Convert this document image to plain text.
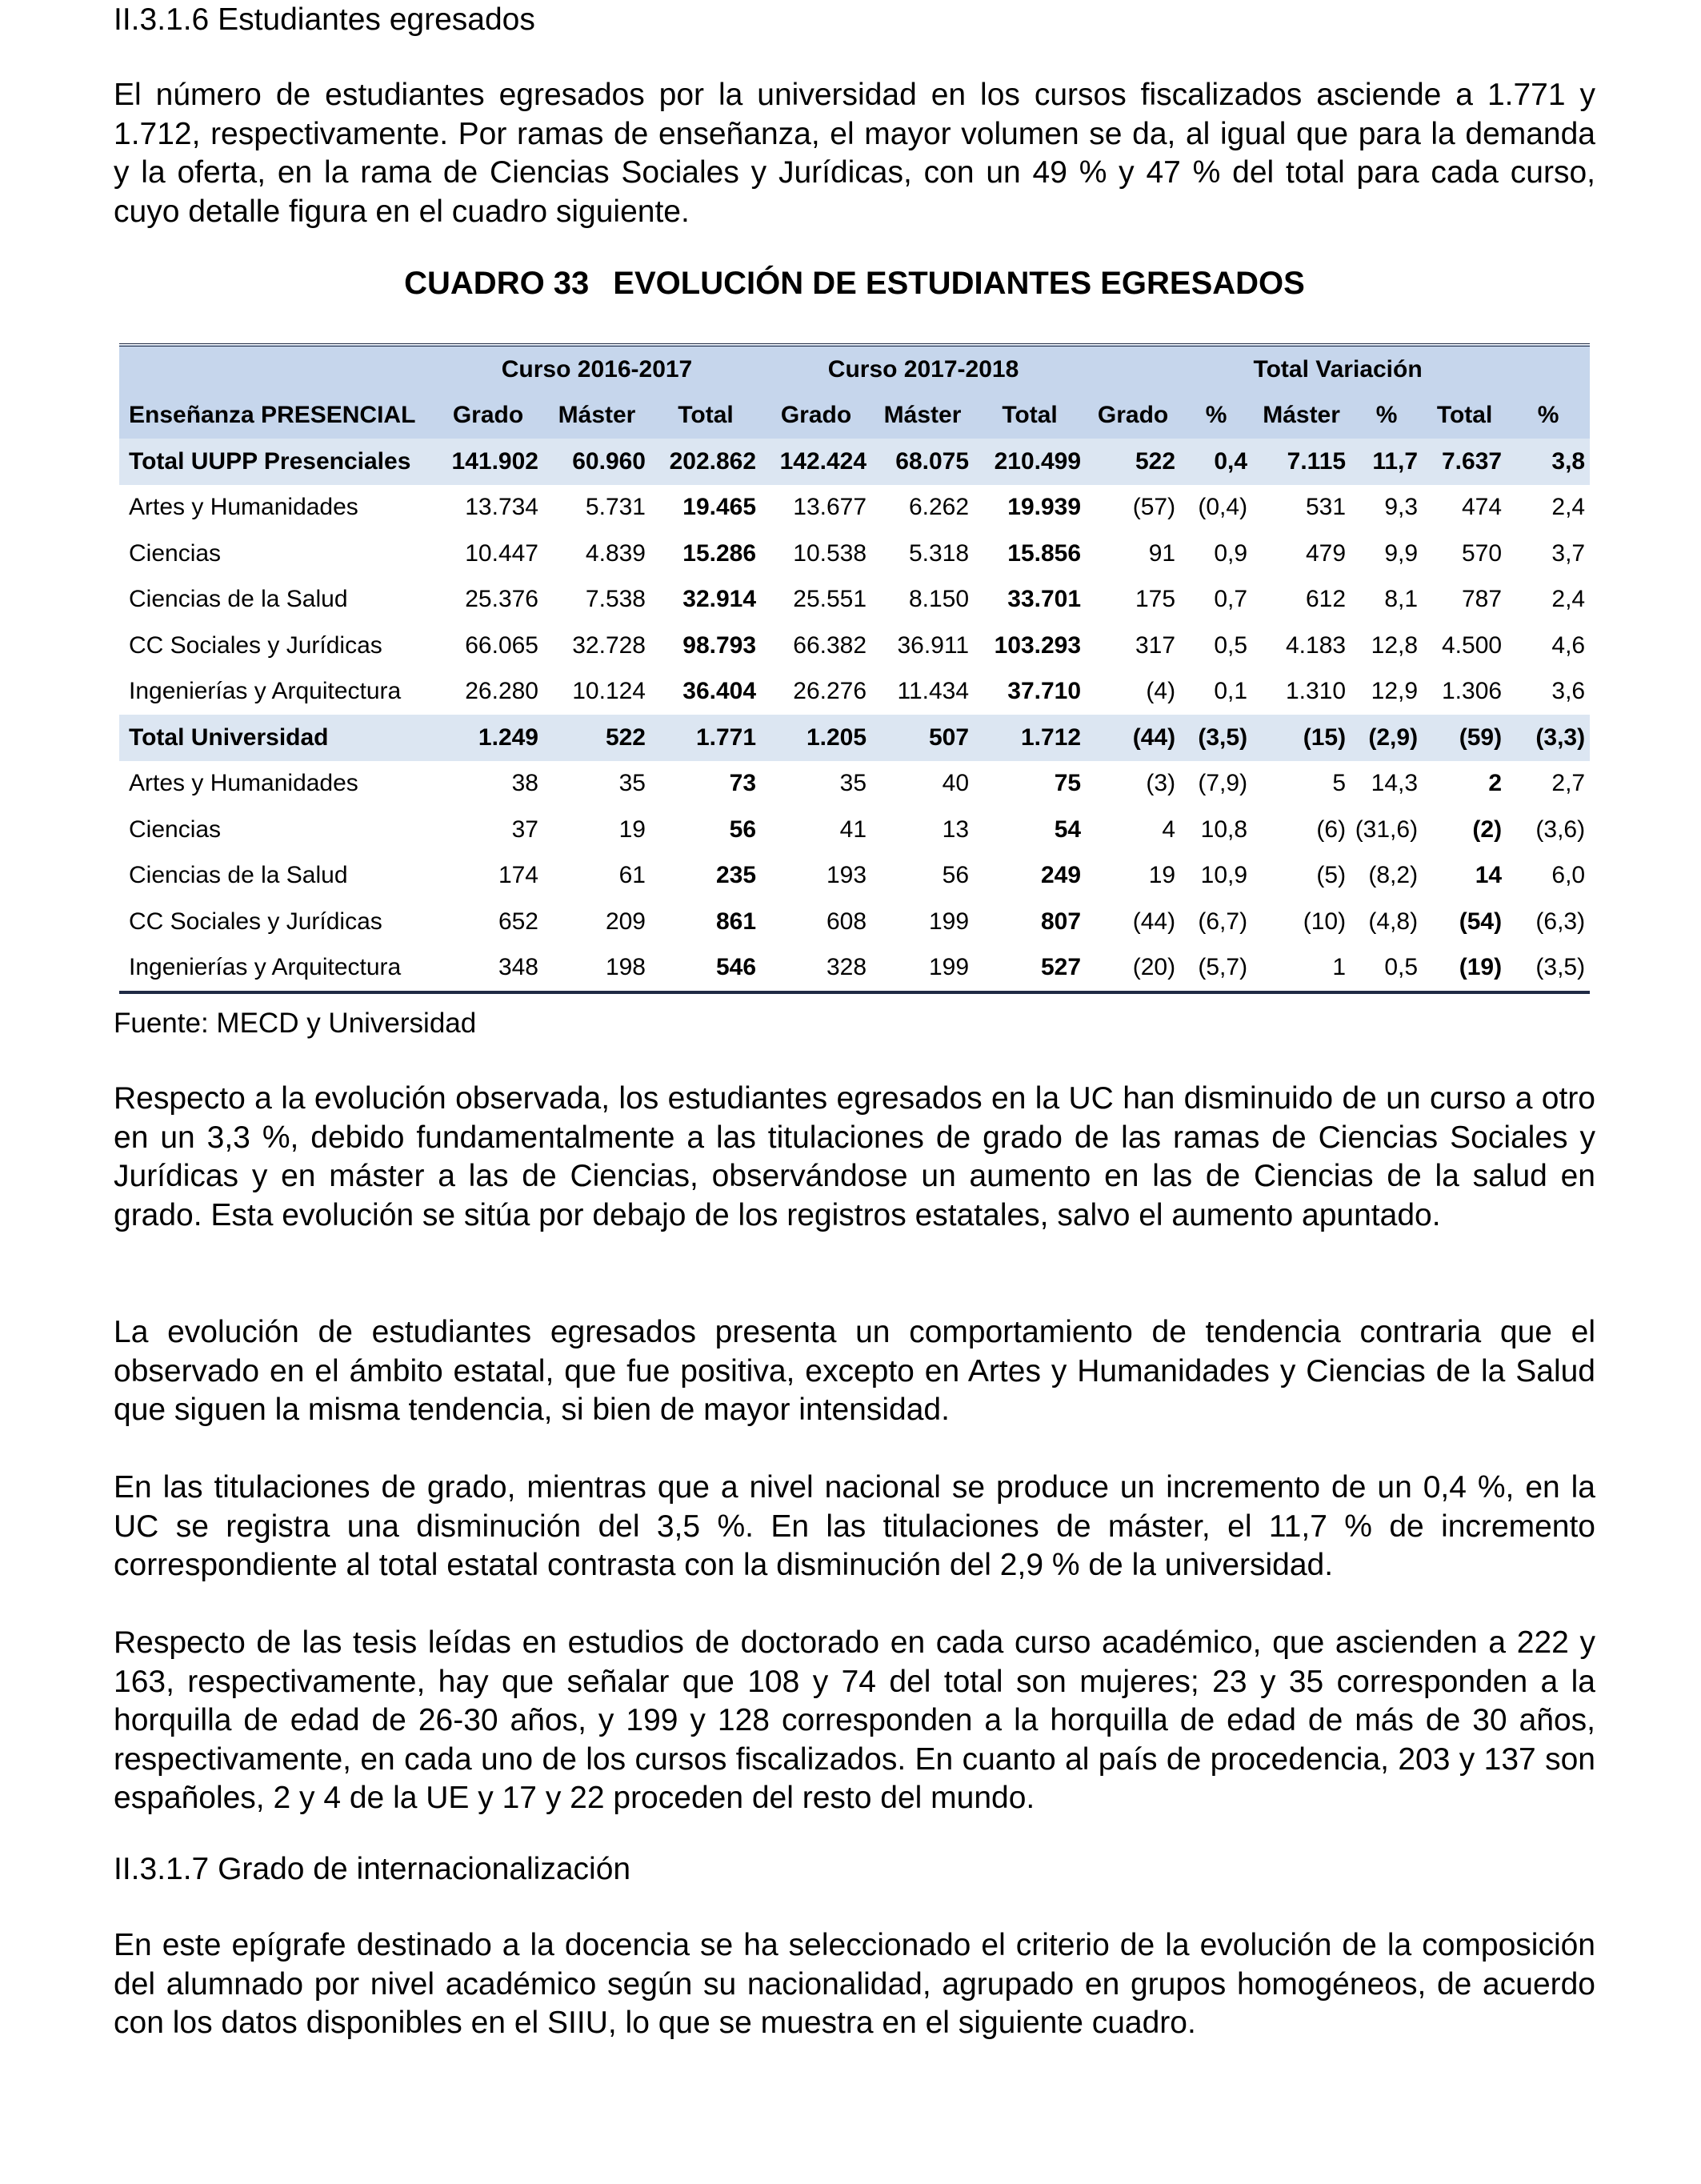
II.3.1.6 Estudiantes egresados

El número de estudiantes egresados por la universidad en los cursos fiscalizados asciende a 1.771 y 1.712, respectivamente. Por ramas de enseñanza, el mayor volumen se da, al igual que para la demanda y la oferta, en la rama de Ciencias Sociales y Jurídicas, con un 49 % y 47 % del total para cada curso, cuyo detalle figura en el cuadro siguiente.

CUADRO 33 EVOLUCIÓN DE ESTUDIANTES EGRESADOS
	Curso 2016-2017			Curso 2017-2018			Total Variación					
Enseñanza PRESENCIAL	Grado	Máster	Total	Grado	Máster	Total	Grado	%	Máster	%	Total	%
Total UUPP Presenciales	141.902	60.960	202.862	142.424	68.075	210.499	522	0,4	7.115	11,7	7.637	3,8
Artes y Humanidades	13.734	5.731	19.465	13.677	6.262	19.939	(57)	(0,4)	531	9,3	474	2,4
Ciencias	10.447	4.839	15.286	10.538	5.318	15.856	91	0,9	479	9,9	570	3,7
Ciencias de la Salud	25.376	7.538	32.914	25.551	8.150	33.701	175	0,7	612	8,1	787	2,4
CC Sociales y Jurídicas	66.065	32.728	98.793	66.382	36.911	103.293	317	0,5	4.183	12,8	4.500	4,6
Ingenierías y Arquitectura	26.280	10.124	36.404	26.276	11.434	37.710	(4)	0,1	1.310	12,9	1.306	3,6
Total Universidad	1.249	522	1.771	1.205	507	1.712	(44)	(3,5)	(15)	(2,9)	(59)	(3,3)
Artes y Humanidades	38	35	73	35	40	75	(3)	(7,9)	5	14,3	2	2,7
Ciencias	37	19	56	41	13	54	4	10,8	(6)	(31,6)	(2)	(3,6)
Ciencias de la Salud	174	61	235	193	56	249	19	10,9	(5)	(8,2)	14	6,0
CC Sociales y Jurídicas	652	209	861	608	199	807	(44)	(6,7)	(10)	(4,8)	(54)	(6,3)
Ingenierías y Arquitectura	348	198	546	328	199	527	(20)	(5,7)	1	0,5	(19)	(3,5)
Fuente: MECD y Universidad

Respecto a la evolución observada, los estudiantes egresados en la UC han disminuido de un curso a otro en un 3,3 %, debido fundamentalmente a las titulaciones de grado de las ramas de Ciencias Sociales y Jurídicas y en máster a las de Ciencias, observándose un aumento en las de Ciencias de la salud en grado. Esta evolución se sitúa por debajo de los registros estatales, salvo el aumento apuntado.

La evolución de estudiantes egresados presenta un comportamiento de tendencia contraria que el observado en el ámbito estatal, que fue positiva, excepto en Artes y Humanidades y Ciencias de la Salud que siguen la misma tendencia, si bien de mayor intensidad.

En las titulaciones de grado, mientras que a nivel nacional se produce un incremento de un 0,4 %, en la UC se registra una disminución del 3,5 %. En las titulaciones de máster, el 11,7 % de incremento correspondiente al total estatal contrasta con la disminución del 2,9 % de la universidad.

Respecto de las tesis leídas en estudios de doctorado en cada curso académico, que ascienden a 222 y 163, respectivamente, hay que señalar que 108 y 74 del total son mujeres; 23 y 35 corresponden a la horquilla de edad de 26-30 años, y 199 y 128 corresponden a la horquilla de edad de más de 30 años, respectivamente, en cada uno de los cursos fiscalizados. En cuanto al país de procedencia, 203 y 137 son españoles, 2 y 4 de la UE y 17 y 22 proceden del resto del mundo.

II.3.1.7 Grado de internacionalización

En este epígrafe destinado a la docencia se ha seleccionado el criterio de la evolución de la composición del alumnado por nivel académico según su nacionalidad, agrupado en grupos homogéneos, de acuerdo con los datos disponibles en el SIIU, lo que se muestra en el siguiente cuadro.
